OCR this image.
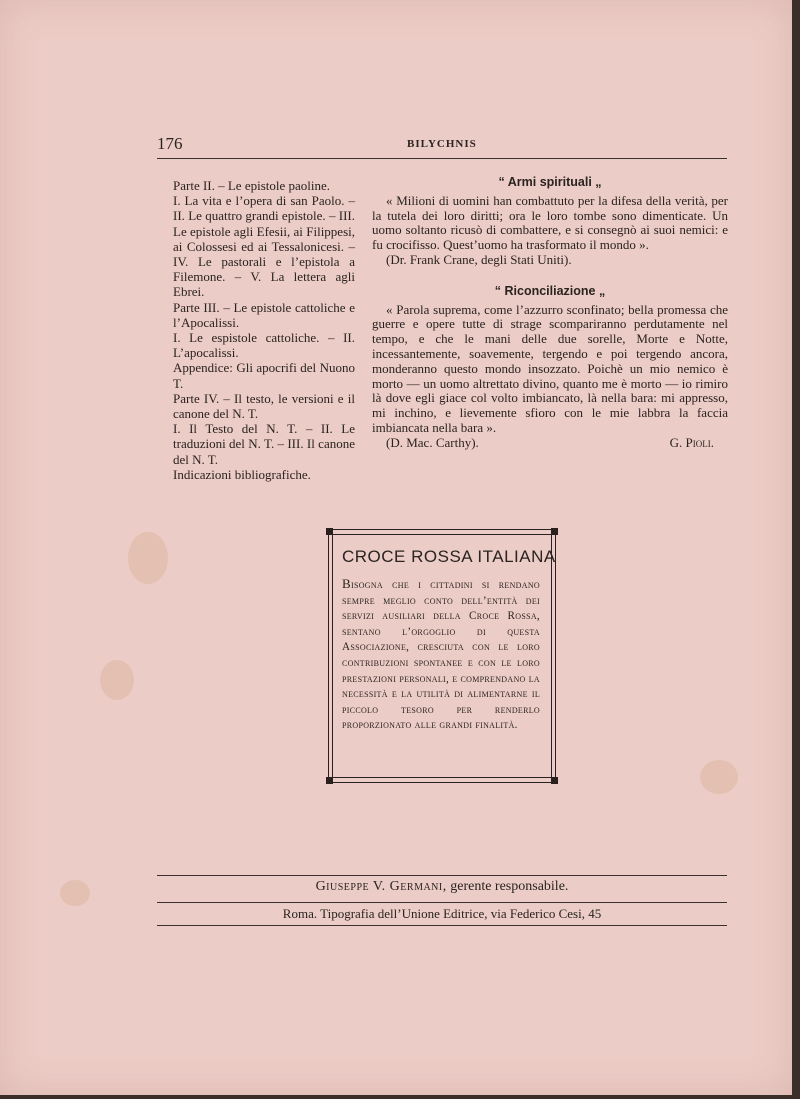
176	BILYCHNIS

Parte II. – Le epistole paoline.

I. La vita e l’opera di san Paolo. – II. Le quattro grandi epistole. – III. Le epistole agli Efesii, ai Filippesi, ai Colossesi ed ai Tessalonicesi. – IV. Le pastorali e l’epistola a Filemone. – V. La lettera agli Ebrei.

Parte III. – Le epistole cattoliche e l’Apocalissi.

I. Le espistole cattoliche. – II. L’apocalissi.

Appendice: Gli apocrifi del Nuono T.

Parte IV. – Il testo, le versioni e il canone del N. T.

I. Il Testo del N. T. – II. Le traduzioni del N. T. – III. Il canone del N. T.

Indicazioni bibliografiche.

“ Armi spirituali „

« Milioni di uomini han combattuto per la difesa della verità, per la tutela dei loro diritti; ora le loro tombe sono dimenticate. Un uomo soltanto ricusò di combattere, e si consegnò ai suoi nemici: e fu crocifisso. Quest’uomo ha trasformato il mondo ».

(Dr. Frank Crane, degli Stati Uniti).

“ Riconciliazione „

« Parola suprema, come l’azzurro sconfinato; bella promessa che guerre e opere tutte di strage scompariranno perdutamente nel tempo, e che le mani delle due sorelle, Morte e Notte, incessantemente, soavemente, tergendo e poi tergendo ancora, monderanno questo mondo insozzato. Poichè un mio nemico è morto — un uomo altrettato divino, quanto me è morto — io rimiro là dove egli giace col volto imbiancato, là nella bara: mi appresso, mi inchino, e lievemente sfioro con le mie labbra la faccia imbiancata nella bara ».

(D. Mac. Carthy).	G. Pioli.
CROCE ROSSA ITALIANA
Bisogna che i cittadini si rendano sempre meglio conto dell’entità dei servizi ausiliari della Croce Rossa, sentano l’orgoglio di questa Associazione, cresciuta con le loro contribuzioni spontanee e con le loro prestazioni personali, e comprendano la necessità e la utilità di alimentarne il piccolo tesoro per renderlo proporzionato alle grandi finalità.
Giuseppe V. Germani, gerente responsabile.
Roma. Tipografia dell’Unione Editrice, via Federico Cesi, 45
